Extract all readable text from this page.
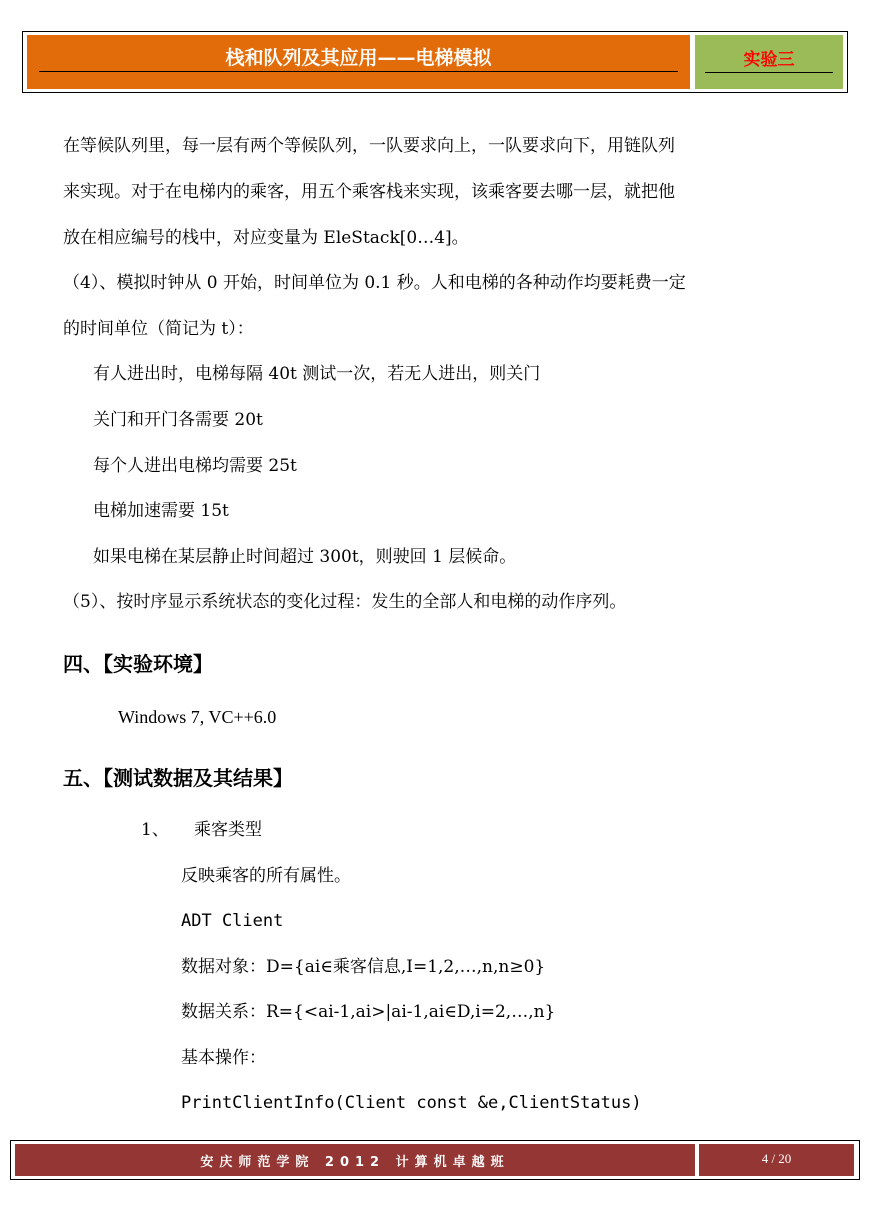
栈和队列及其应用——电梯模拟	实验三
在等候队列里，每一层有两个等候队列，一队要求向上，一队要求向下，用链队列
来实现。对于在电梯内的乘客，用五个乘客栈来实现，该乘客要去哪一层，就把他
放在相应编号的栈中，对应变量为 EleStack[0…4]。
（4）、模拟时钟从 0 开始，时间单位为 0.1 秒。人和电梯的各种动作均要耗费一定
的时间单位（简记为 t）：
有人进出时，电梯每隔 40t 测试一次，若无人进出，则关门
关门和开门各需要 20t
每个人进出电梯均需要 25t
电梯加速需要 15t
如果电梯在某层静止时间超过 300t，则驶回 1 层候命。
（5）、按时序显示系统状态的变化过程：发生的全部人和电梯的动作序列。
四、【实验环境】
Windows 7, VC++6.0
五、【测试数据及其结果】
1、 乘客类型
反映乘客的所有属性。
ADT Client
数据对象：D={ai∈乘客信息,I=1,2,…,n,n≥0}
数据关系：R={<ai-1,ai>|ai-1,ai∈D,i=2,…,n}
基本操作：
PrintClientInfo(Client const &e,ClientStatus)
安庆师范学院 2012 计算机卓越班	4 / 20
